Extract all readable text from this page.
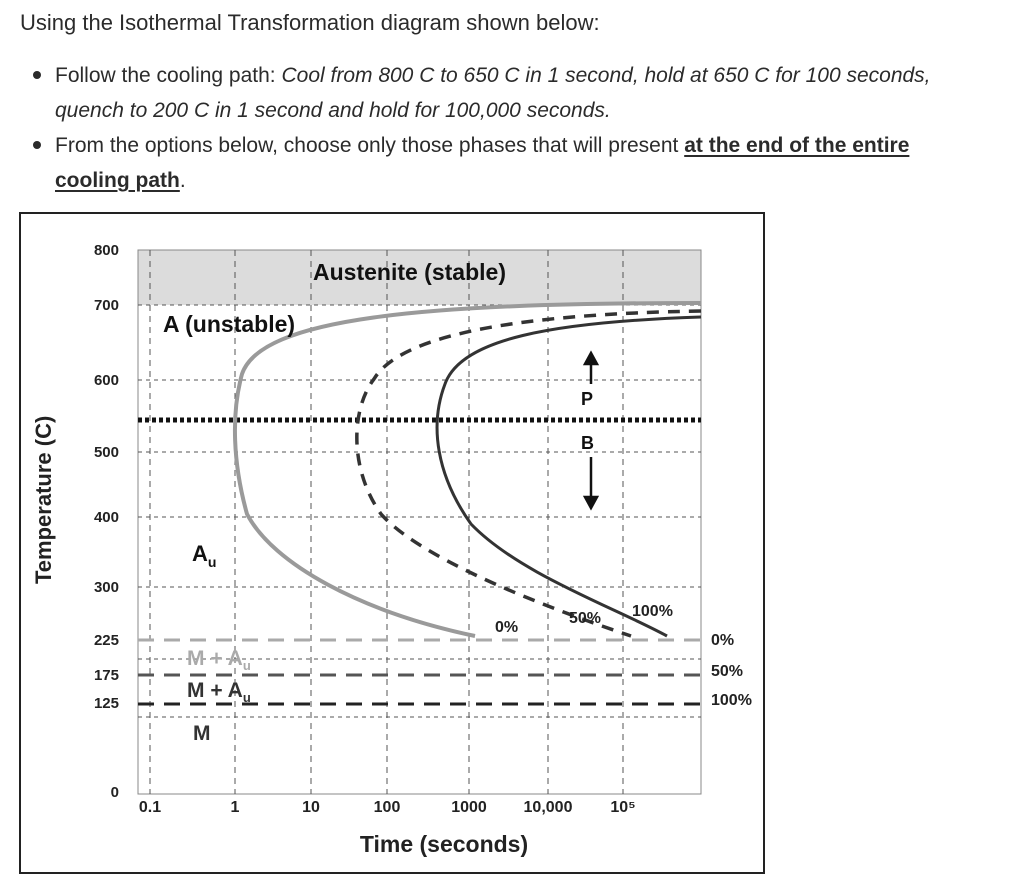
Using the Isothermal Transformation diagram shown below:
Follow the cooling path: Cool from 800 C to 650 C in 1 second, hold at 650 C for 100 seconds, quench to 200 C in 1 second and hold for 100,000 seconds.
From the options below, choose only those phases that will present at the end of the entire cooling path.
800
700
600
500
400
300
225
175
125
0
0.1	1	10	100	1000 10,000 10⁵
Temperature (C)
Time (seconds)
Austenite (stable)
A (unstable)
$A_u$
$M + A_u$
$M + A_u$
M
P
B
0%
50% 100%
0%
50%
100%
